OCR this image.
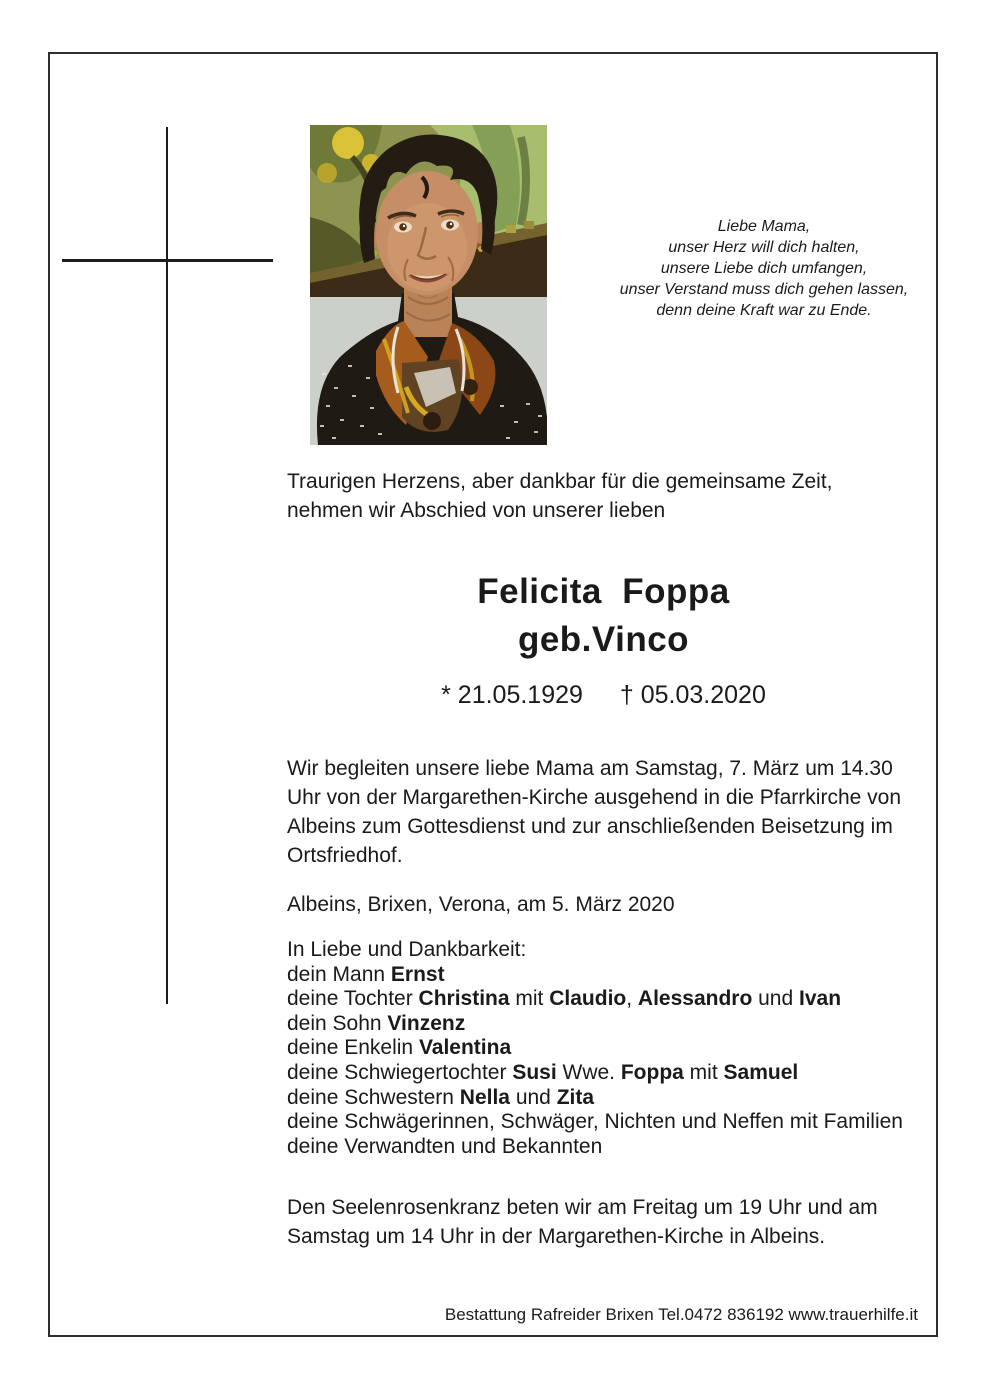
Liebe Mama,
unser Herz will dich halten,
unsere Liebe dich umfangen,
unser Verstand muss dich gehen lassen,
denn deine Kraft war zu Ende.
Traurigen Herzens, aber dankbar für die gemeinsame Zeit,
nehmen wir Abschied von unserer lieben
Felicita  Foppa
geb.Vinco
* 21.05.1929 † 05.03.2020
Wir begleiten unsere liebe Mama am Samstag, 7. März um 14.30
Uhr von der Margarethen-Kirche ausgehend in die Pfarrkirche von
Albeins zum Gottesdienst und zur anschließenden Beisetzung im
Ortsfriedhof.
Albeins, Brixen, Verona, am 5. März 2020
In Liebe und Dankbarkeit:
dein Mann Ernst
deine Tochter Christina mit Claudio, Alessandro und Ivan
dein Sohn Vinzenz
deine Enkelin Valentina
deine Schwiegertochter Susi Wwe. Foppa mit Samuel
deine Schwestern Nella und Zita
deine Schwägerinnen, Schwäger, Nichten und Neffen mit Familien
deine Verwandten und Bekannten
Den Seelenrosenkranz beten wir am Freitag um 19 Uhr und am
Samstag um 14 Uhr in der Margarethen-Kirche in Albeins.
Bestattung Rafreider Brixen Tel.0472 836192 www.trauerhilfe.it
